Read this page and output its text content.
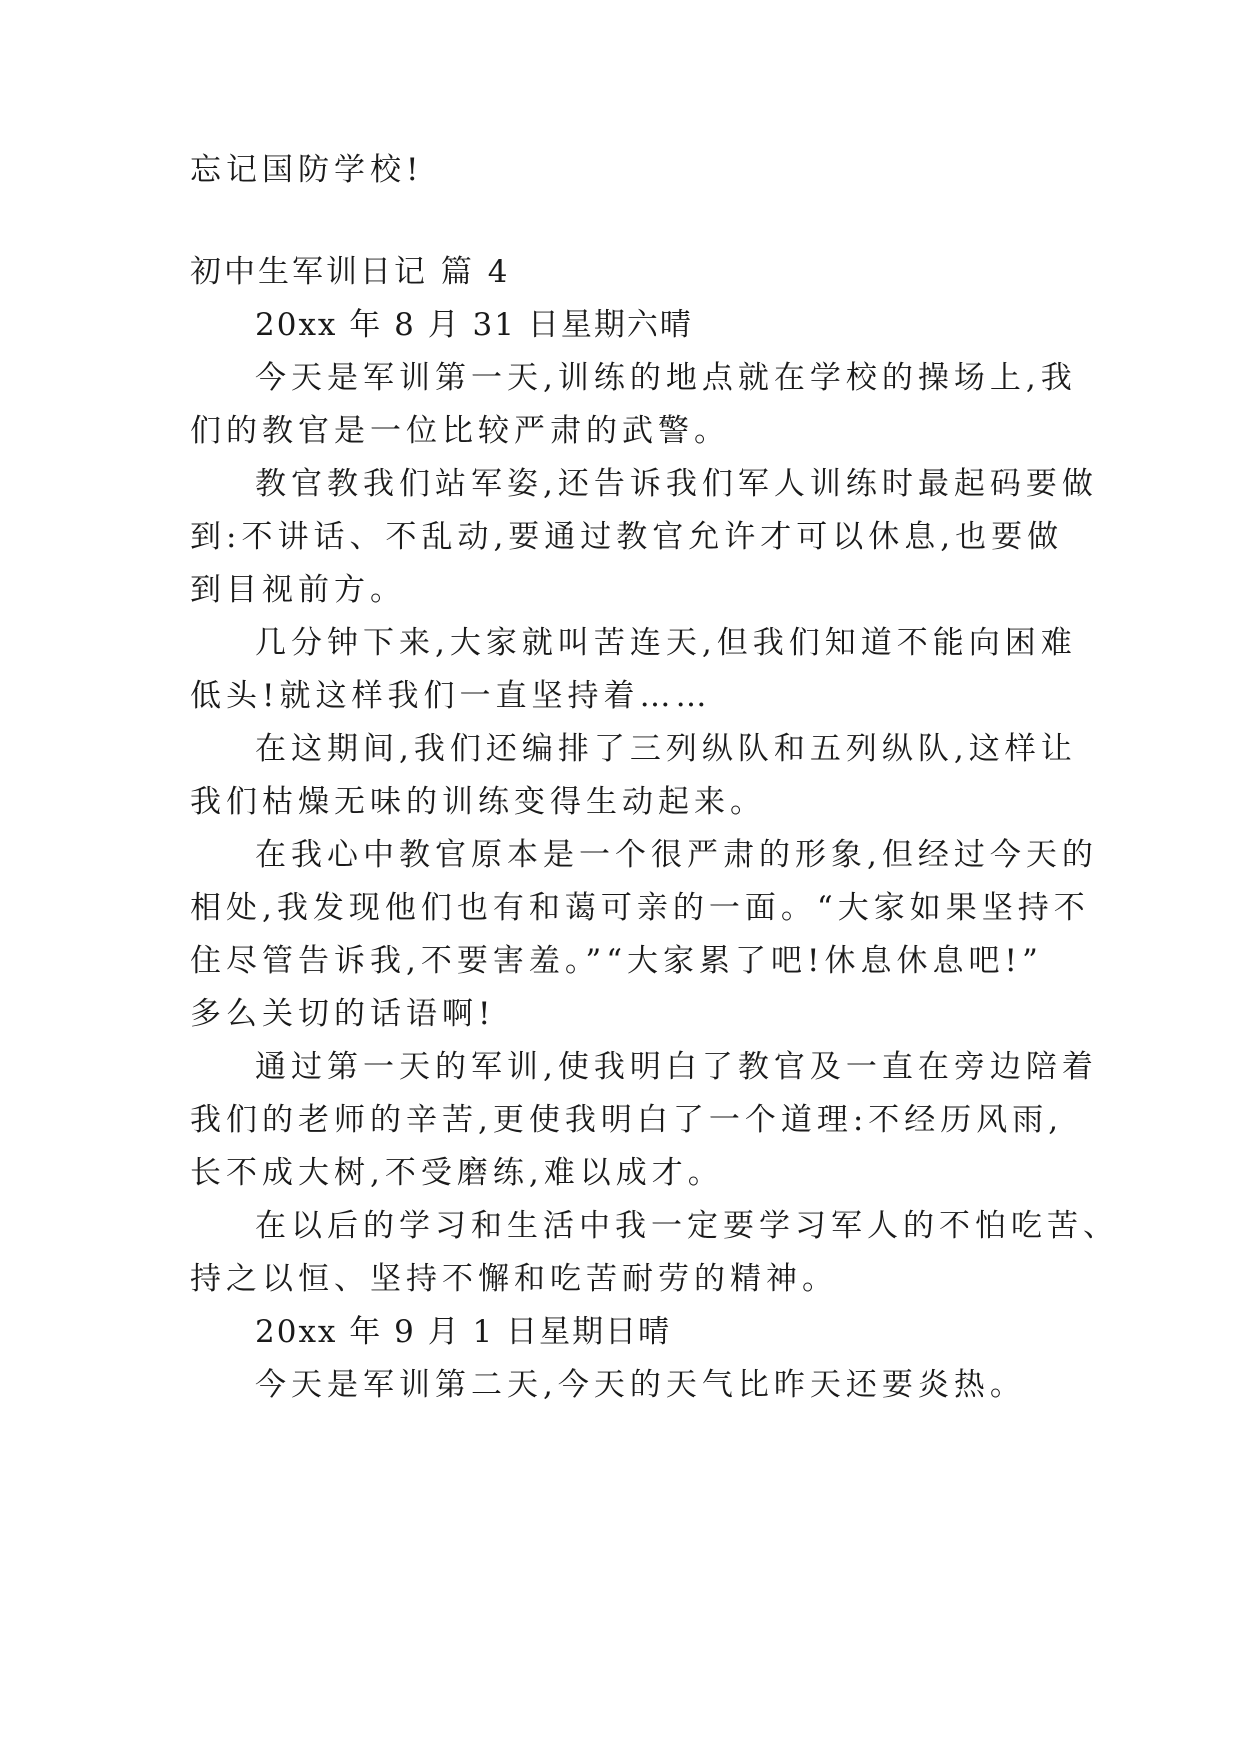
忘记国防学校!
初中生军训日记 篇 4
20xx 年 8 月 31 日星期六晴
今天是军训第一天,训练的地点就在学校的操场上,我
们的教官是一位比较严肃的武警。
教官教我们站军姿,还告诉我们军人训练时最起码要做
到:不讲话、不乱动,要通过教官允许才可以休息,也要做
到目视前方。
几分钟下来,大家就叫苦连天,但我们知道不能向困难
低头!就这样我们一直坚持着……
在这期间,我们还编排了三列纵队和五列纵队,这样让
我们枯燥无味的训练变得生动起来。
在我心中教官原本是一个很严肃的形象,但经过今天的
相处,我发现他们也有和蔼可亲的一面。“大家如果坚持不
住尽管告诉我,不要害羞。”“大家累了吧!休息休息吧!”
多么关切的话语啊!
通过第一天的军训,使我明白了教官及一直在旁边陪着
我们的老师的辛苦,更使我明白了一个道理:不经历风雨,
长不成大树,不受磨练,难以成才。
在以后的学习和生活中我一定要学习军人的不怕吃苦、
持之以恒、坚持不懈和吃苦耐劳的精神。
20xx 年 9 月 1 日星期日晴
今天是军训第二天,今天的天气比昨天还要炎热。
